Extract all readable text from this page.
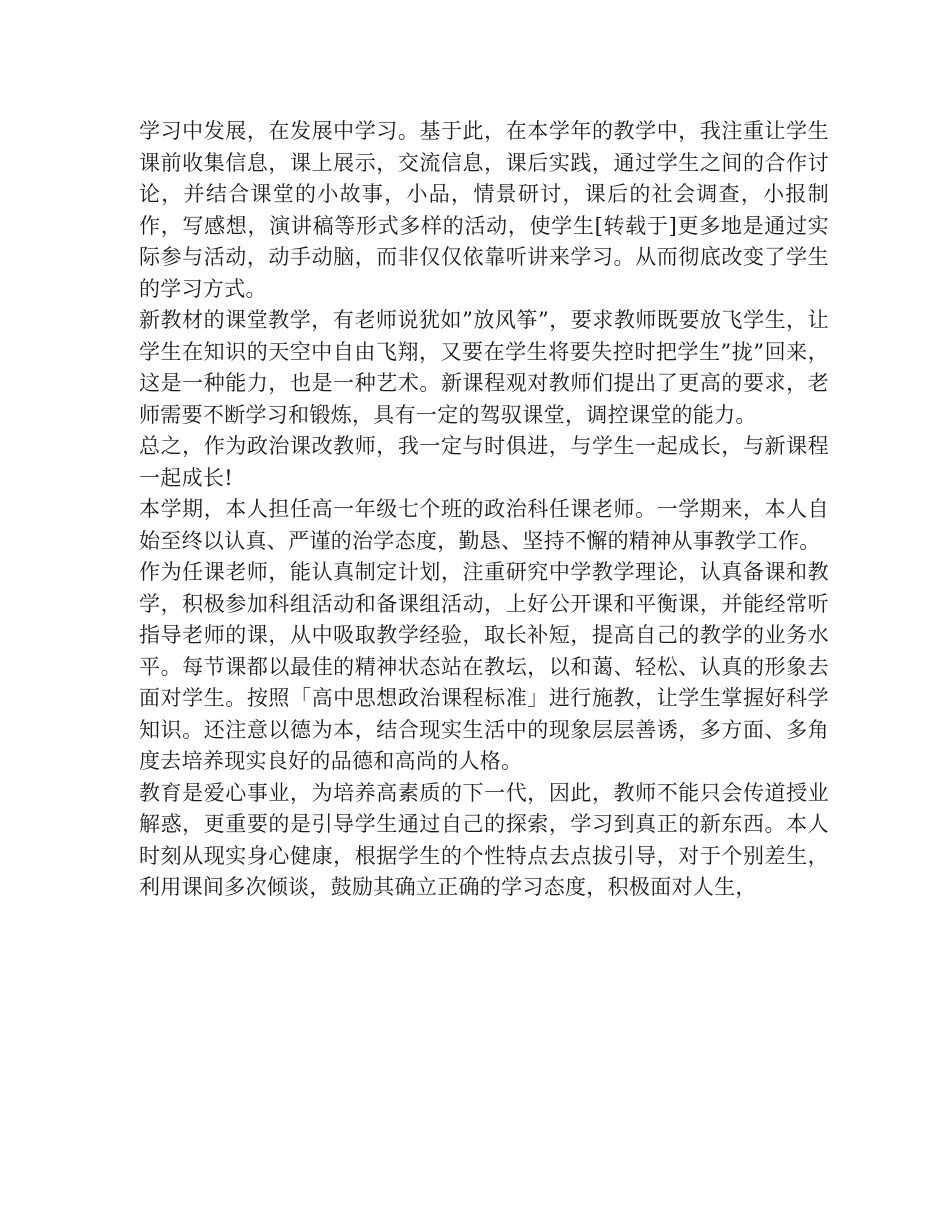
学习中发展，在发展中学习。基于此，在本学年的教学中，我注重让学生课前收集信息，课上展示，交流信息，课后实践，通过学生之间的合作讨论，并结合课堂的小故事，小品，情景研讨，课后的社会调查，小报制作，写感想，演讲稿等形式多样的活动，使学生[转载于]更多地是通过实际参与活动，动手动脑，而非仅仅依靠听讲来学习。从而彻底改变了学生的学习方式。

新教材的课堂教学，有老师说犹如”放风筝”，要求教师既要放飞学生，让学生在知识的天空中自由飞翔，又要在学生将要失控时把学生”拢”回来，这是一种能力，也是一种艺术。新课程观对教师们提出了更高的要求，老师需要不断学习和锻炼，具有一定的驾驭课堂，调控课堂的能力。

总之，作为政治课改教师，我一定与时俱进，与学生一起成长，与新课程一起成长!

本学期，本人担任高一年级七个班的政治科任课老师。一学期来，本人自始至终以认真、严谨的治学态度，勤恳、坚持不懈的精神从事教学工作。

作为任课老师，能认真制定计划，注重研究中学教学理论，认真备课和教学，积极参加科组活动和备课组活动，上好公开课和平衡课，并能经常听指导老师的课，从中吸取教学经验，取长补短，提高自己的教学的业务水平。每节课都以最佳的精神状态站在教坛，以和蔼、轻松、认真的形象去面对学生。按照「高中思想政治课程标准」进行施教，让学生掌握好科学知识。还注意以德为本，结合现实生活中的现象层层善诱，多方面、多角度去培养现实良好的品德和高尚的人格。

教育是爱心事业，为培养高素质的下一代，因此，教师不能只会传道授业解惑，更重要的是引导学生通过自己的探索，学习到真正的新东西。本人时刻从现实身心健康，根据学生的个性特点去点拔引导，对于个别差生，利用课间多次倾谈，鼓励其确立正确的学习态度，积极面对人生，
